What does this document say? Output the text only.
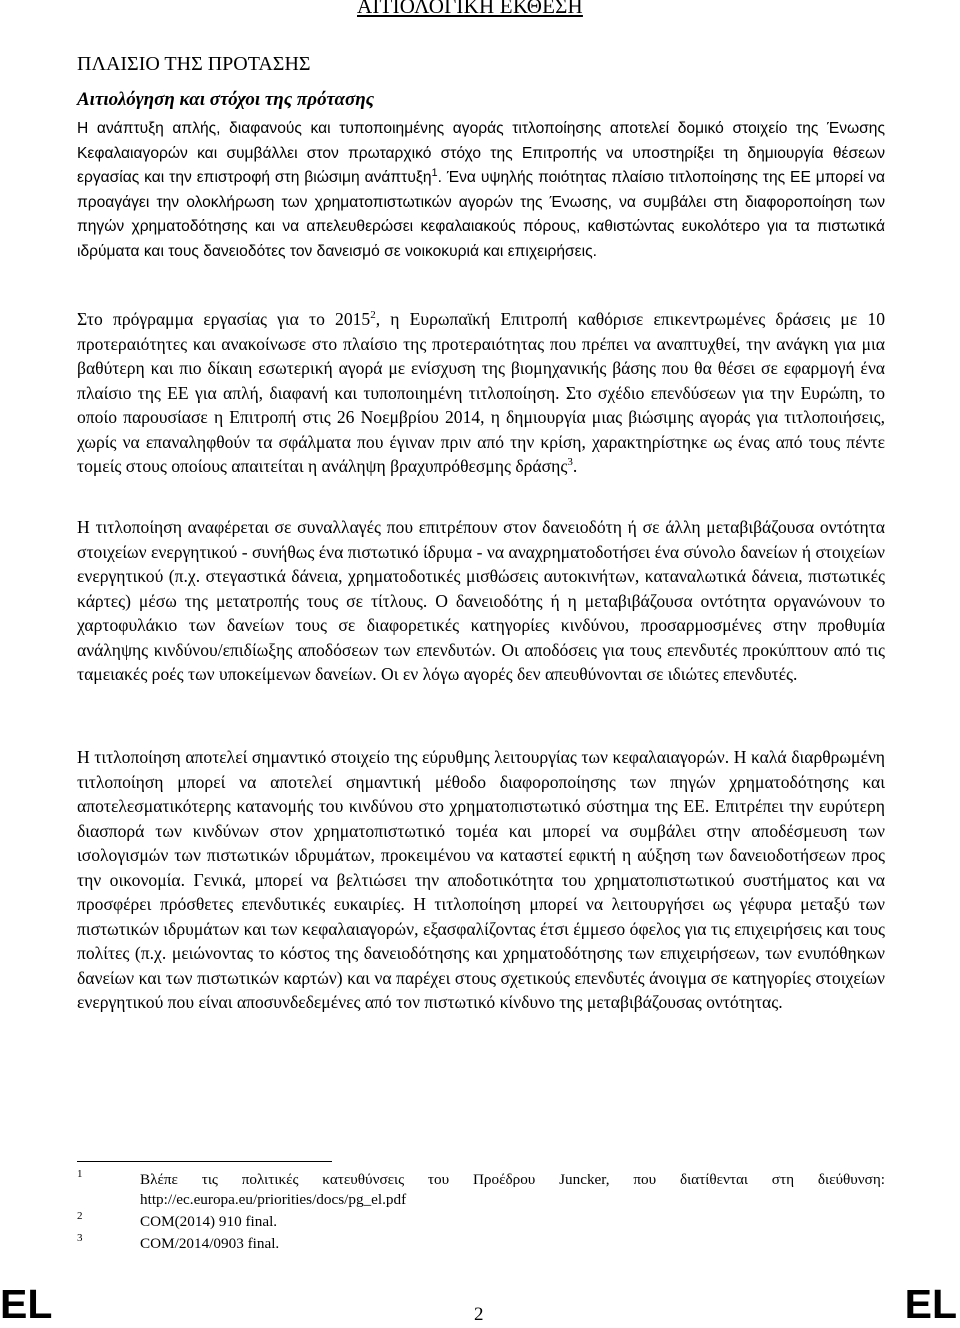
ΑΙΤΙΟΛΟΓΙΚΗ ΕΚΘΕΣΗ
ΠΛΑΙΣΙΟ ΤΗΣ ΠΡΟΤΑΣΗΣ
Αιτιολόγηση και στόχοι της πρότασης

Η ανάπτυξη απλής, διαφανούς και τυποποιημένης αγοράς τιτλοποίησης αποτελεί δομικό στοιχείο της Ένωσης Κεφαλαιαγορών και συμβάλλει στον πρωταρχικό στόχο της Επιτροπής να υποστηρίξει τη δημιουργία θέσεων εργασίας και την επιστροφή στη βιώσιμη ανάπτυξη$^1$. Ένα υψηλής ποιότητας πλαίσιο τιτλοποίησης της ΕΕ μπορεί να προαγάγει την ολοκλήρωση των χρηματοπιστωτικών αγορών της Ένωσης, να συμβάλει στη διαφοροποίηση των πηγών χρηματοδότησης και να απελευθερώσει κεφαλαιακούς πόρους, καθιστώντας ευκολότερο για τα πιστωτικά ιδρύματα και τους δανειοδότες τον δανεισμό σε νοικοκυριά και επιχειρήσεις.

Στο πρόγραμμα εργασίας για το 2015$^2$, η Ευρωπαϊκή Επιτροπή καθόρισε επικεντρωμένες δράσεις με 10 προτεραιότητες και ανακοίνωσε στο πλαίσιο της προτεραιότητας που πρέπει να αναπτυχθεί, την ανάγκη για μια βαθύτερη και πιο δίκαιη εσωτερική αγορά με ενίσχυση της βιομηχανικής βάσης που θα θέσει σε εφαρμογή ένα πλαίσιο της ΕΕ για απλή, διαφανή και τυποποιημένη τιτλοποίηση. Στο σχέδιο επενδύσεων για την Ευρώπη, το οποίο παρουσίασε η Επιτροπή στις 26 Νοεμβρίου 2014, η δημιουργία μιας βιώσιμης αγοράς για τιτλοποιήσεις, χωρίς να επαναληφθούν τα σφάλματα που έγιναν πριν από την κρίση, χαρακτηρίστηκε ως ένας από τους πέντε τομείς στους οποίους απαιτείται η ανάληψη βραχυπρόθεσμης δράσης$^3$.

Η τιτλοποίηση αναφέρεται σε συναλλαγές που επιτρέπουν στον δανειοδότη ή σε άλλη μεταβιβάζουσα οντότητα στοιχείων ενεργητικού - συνήθως ένα πιστωτικό ίδρυμα - να αναχρηματοδοτήσει ένα σύνολο δανείων ή στοιχείων ενεργητικού (π.χ. στεγαστικά δάνεια, χρηματοδοτικές μισθώσεις αυτοκινήτων, καταναλωτικά δάνεια, πιστωτικές κάρτες) μέσω της μετατροπής τους σε τίτλους. Ο δανειοδότης ή η μεταβιβάζουσα οντότητα οργανώνουν το χαρτοφυλάκιο των δανείων τους σε διαφορετικές κατηγορίες κινδύνου, προσαρμοσμένες στην προθυμία ανάληψης κινδύνου/επιδίωξης αποδόσεων των επενδυτών. Οι αποδόσεις για τους επενδυτές προκύπτουν από τις ταμειακές ροές των υποκείμενων δανείων. Οι εν λόγω αγορές δεν απευθύνονται σε ιδιώτες επενδυτές.

Η τιτλοποίηση αποτελεί σημαντικό στοιχείο της εύρυθμης λειτουργίας των κεφαλαιαγορών. Η καλά διαρθρωμένη τιτλοποίηση μπορεί να αποτελεί σημαντική μέθοδο διαφοροποίησης των πηγών χρηματοδότησης και αποτελεσματικότερης κατανομής του κινδύνου στο χρηματοπιστωτικό σύστημα της ΕΕ. Επιτρέπει την ευρύτερη διασπορά των κινδύνων στον χρηματοπιστωτικό τομέα και μπορεί να συμβάλει στην αποδέσμευση των ισολογισμών των πιστωτικών ιδρυμάτων, προκειμένου να καταστεί εφικτή η αύξηση των δανειοδοτήσεων προς την οικονομία. Γενικά, μπορεί να βελτιώσει την αποδοτικότητα του χρηματοπιστωτικού συστήματος και να προσφέρει πρόσθετες επενδυτικές ευκαιρίες. Η τιτλοποίηση μπορεί να λειτουργήσει ως γέφυρα μεταξύ των πιστωτικών ιδρυμάτων και των κεφαλαιαγορών, εξασφαλίζοντας έτσι έμμεσο όφελος για τις επιχειρήσεις και τους πολίτες (π.χ. μειώνοντας το κόστος της δανειοδότησης και χρηματοδότησης των επιχειρήσεων, των ενυπόθηκων δανείων και των πιστωτικών καρτών) και να παρέχει στους σχετικούς επενδυτές άνοιγμα σε κατηγορίες στοιχείων ενεργητικού που είναι αποσυνδεδεμένες από τον πιστωτικό κίνδυνο της μεταβιβάζουσας οντότητας.

1	Βλέπε τις πολιτικές κατευθύνσεις του Προέδρου Juncker, που διατίθενται στη διεύθυνση: http://ec.europa.eu/priorities/docs/pg_el.pdf
2	COM(2014) 910 final.
3	COM/2014/0903 final.
EL	2	EL
